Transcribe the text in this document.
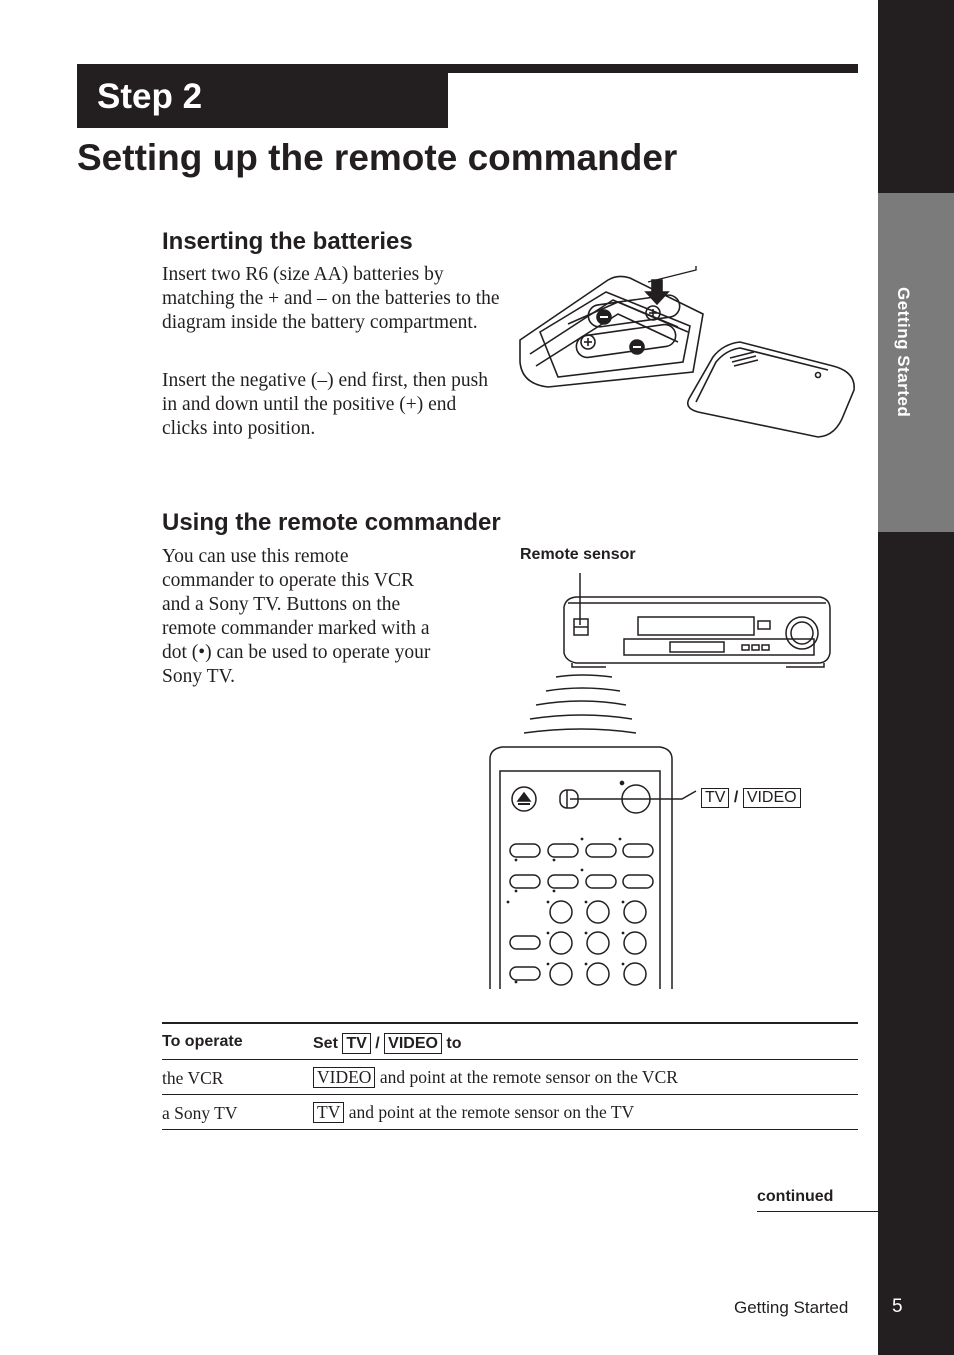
Getting Started
Step 2
Setting up the remote commander
Inserting the batteries

Insert two R6 (size AA) batteries by matching the + and – on the batteries to the diagram inside the battery compartment.

Insert the negative (–) end first, then push in and down until the positive (+) end clicks into position.

Using the remote commander

You can use this remote commander to operate this VCR and a Sony TV. Buttons on the remote commander marked with a dot (•) can be used to operate your Sony TV.

Remote sensor
TV / VIDEO
To operate	Set TV / VIDEO to
the VCR	VIDEO and point at the remote sensor on the VCR
a Sony TV	TV and point at the remote sensor on the TV
continued
Getting Started 5
